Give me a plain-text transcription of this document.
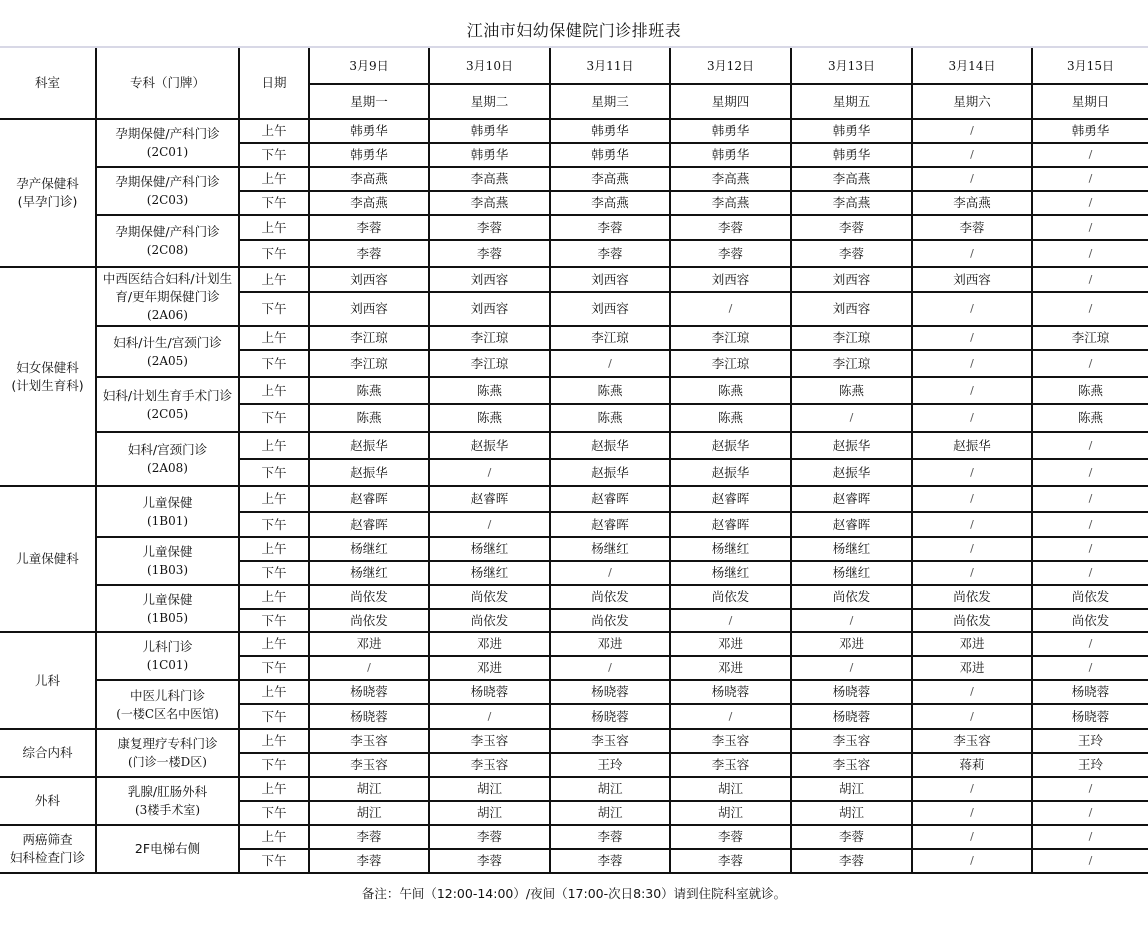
江油市妇幼保健院门诊排班表
科室	专科（门牌）	日期	3月9日	3月10日	3月11日	3月12日	3月13日	3月14日	3月15日
			星期一	星期二	星期三	星期四	星期五	星期六	星期日

孕产保健科
(早孕门诊)

孕期保健/产科门诊
(2C01)
	上午	韩勇华	韩勇华	韩勇华	韩勇华	韩勇华	/	韩勇华
		下午	韩勇华	韩勇华	韩勇华	韩勇华	韩勇华	/	/

	孕期保健/产科门诊
(2C03)	上午	李高燕	李高燕	李高燕	李高燕	李高燕	/	/
		下午	李高燕	李高燕	李高燕	李高燕	李高燕	李高燕	/

	孕期保健/产科门诊
(2C08)	上午	李蓉	李蓉	李蓉	李蓉	李蓉	李蓉	/
		下午	李蓉	李蓉	李蓉	李蓉	李蓉	/	/

妇女保健科
(计划生育科)

中西医结合妇科/计划生育/更年期保健门诊
(2A06)
	上午	刘西容	刘西容	刘西容	刘西容	刘西容	刘西容	/
		下午	刘西容	刘西容	刘西容	/	刘西容	/	/

	妇科/计生/宫颈门诊
(2A05)	上午	李江琼	李江琼	李江琼	李江琼	李江琼	/	李江琼
		下午	李江琼	李江琼	/	李江琼	李江琼	/	/

	妇科/计划生育手术门诊
(2C05)	上午	陈燕	陈燕	陈燕	陈燕	陈燕	/	陈燕
		下午	陈燕	陈燕	陈燕	陈燕	/	/	陈燕

	妇科/宫颈门诊
(2A08)	上午	赵振华	赵振华	赵振华	赵振华	赵振华	赵振华	/
		下午	赵振华	/	赵振华	赵振华	赵振华	/	/

儿童保健科	儿童保健
(1B01)	上午	赵睿晖	赵睿晖	赵睿晖	赵睿晖	赵睿晖	/	/
		下午	赵睿晖	/	赵睿晖	赵睿晖	赵睿晖	/	/

	儿童保健
(1B03)	上午	杨继红	杨继红	杨继红	杨继红	杨继红	/	/
		下午	杨继红	杨继红	/	杨继红	杨继红	/	/

	儿童保健
(1B05)	上午	尚依发	尚依发	尚依发	尚依发	尚依发	尚依发	尚依发
		下午	尚依发	尚依发	尚依发	/	/	尚依发	尚依发

儿科	儿科门诊
(1C01)	上午	邓进	邓进	邓进	邓进	邓进	邓进	/
		下午	/	邓进	/	邓进	/	邓进	/

	中医儿科门诊
(一楼C区名中医馆)	上午	杨晓蓉	杨晓蓉	杨晓蓉	杨晓蓉	杨晓蓉	/	杨晓蓉
		下午	杨晓蓉	/	杨晓蓉	/	杨晓蓉	/	杨晓蓉

综合内科	康复理疗专科门诊
(门诊一楼D区)	上午	李玉容	李玉容	李玉容	李玉容	李玉容	李玉容	王玲
		下午	李玉容	李玉容	王玲	李玉容	李玉容	蒋莉	王玲

外科	乳腺/肛肠外科
(3楼手术室)	上午	胡江	胡江	胡江	胡江	胡江	/	/
		下午	胡江	胡江	胡江	胡江	胡江	/	/

两癌筛查
妇科检查门诊	2F电梯右侧	上午	李蓉	李蓉	李蓉	李蓉	李蓉	/	/
		下午	李蓉	李蓉	李蓉	李蓉	李蓉	/	/
备注：午间（12:00-14:00）/夜间（17:00-次日8:30）请到住院科室就诊。
